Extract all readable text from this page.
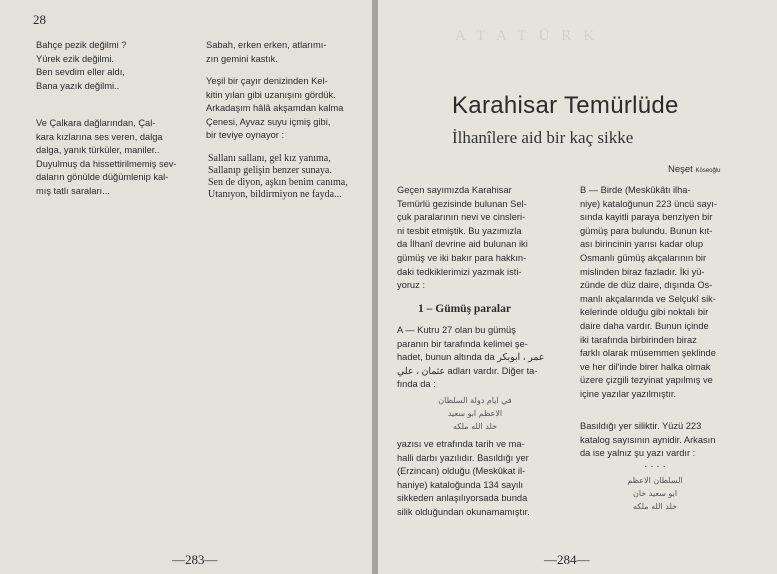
28
Bahçe pezik değilmi ?
Yürek ezik değilmi.
Ben sevdim eller aldı,
Bana yazık değilmi..
Ve Çalkara dağlarından, Çal-
kara kızlarına ses veren, dalga
dalga, yanık türküler, maniler..
Duyulmuş da hissettirilmemiş sev-
daların gönülde düğümlenip kal-
mış tatlı saraları...
Sabah, erken erken, atlarımı-
zın gemini kastık.
Yeşil bir çayır denizinden Kel-
kitin yılan gibi uzanışını gördük.
Arkadaşım hâlâ akşamdan kalma
Çenesi, Ayvaz suyu içmiş gibi,
bir teviye oynayor :
Sallanı sallanı, gel kız yanıma,
Sallanıp gelişin benzer sunaya.
Sen de diyon, aşkın benim canıma,
Utanıyon, bildirmiyon ne fayda...
—283—
ATATÜRK
Karahisar Temürlüde
İlhanîlere aid bir kaç sikke
Neşet Köseoğlu
Geçen sayımızda Karahisar
Temürlü gezisinde bulunan Sel-
çuk paralarının nevi ve cinsleri-
ni tesbit etmiştik. Bu yazımızla
da İlhanî devrine aid bulunan iki
gümüş ve iki bakır para hakkın-
daki tedkiklerimizi yazmak isti-
yoruz :
1 – Gümüş paralar
A — Kutru 27 olan bu gümüş
paranın bir tarafında kelimei şe-
hadet, bunun altında da عمر ، ابوبكر
عثمان ، علي adları vardır. Diğer ta-
fında da :
في ايام دولة السلطان
الاعظم ابو سعيد
خلد الله ملكه
yazısı ve etrafında tarih ve ma-
halli darbı yazılıdır. Basıldığı yer
(Erzincan) olduğu (Meskûkat il-
haniye) kataloğunda 134 sayılı
sikkeden anlaşılıyorsada bunda
silik olduğundan okunamamıştır.
B — Birde (Meskûkâtı ilha-
niye) kataloğunun 223 üncü sayı-
sında kayitli paraya benziyen bir
gümüş para bulundu. Bunun kıt-
ası birincinin yarısı kadar olup
Osmanlı gümüş akçalarının bir
mislinden biraz fazladır. İki yü-
zünde de düz daire, dışında Os-
manlı akçalarında ve Selçukî sik-
kelerinde olduğu gibi noktalı bir
daire daha vardır. Bunun içinde
iki tarafında birbirinden biraz
farklı olarak müsemmen şeklinde
ve her dil'inde birer halka olmak
üzere çizgili tezyinat yapılmış ve
içine yazılar yazılmıştır.
Basıldığı yer siliktir. Yüzü 223
katalog sayısının aynidir. Arkasın
da ise yalnız şu yazı vardır :
· · · ·
السلطان الاعظم
ابو سعيد خان
خلد الله ملكه
—284—
